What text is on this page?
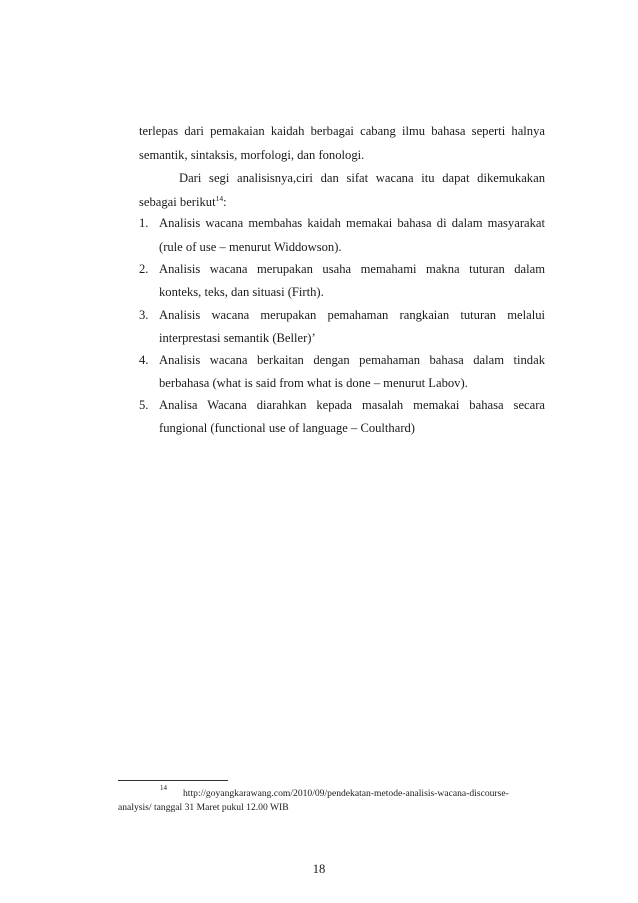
terlepas dari pemakaian kaidah berbagai cabang ilmu bahasa seperti halnya
semantik, sintaksis, morfologi, dan fonologi.
Dari segi analisisnya,ciri dan sifat wacana itu dapat dikemukakan
sebagai berikut$^{14}$:
1. Analisis wacana membahas kaidah memakai bahasa di dalam masyarakat
(rule of use – menurut Widdowson).
2. Analisis wacana merupakan usaha memahami makna tuturan dalam
konteks, teks, dan situasi (Firth).
3. Analisis wacana merupakan pemahaman rangkaian tuturan melalui
interprestasi semantik (Beller)’
4. Analisis wacana berkaitan dengan pemahaman bahasa dalam tindak
berbahasa (what is said from what is done – menurut Labov).
5. Analisa Wacana diarahkan kepada masalah memakai bahasa secara
fungional (functional use of language – Coulthard)
$^{14}$
http://goyangkarawang.com/2010/09/pendekatan-metode-analisis-wacana-discourse-
analysis/ tanggal 31 Maret pukul 12.00 WIB
18
